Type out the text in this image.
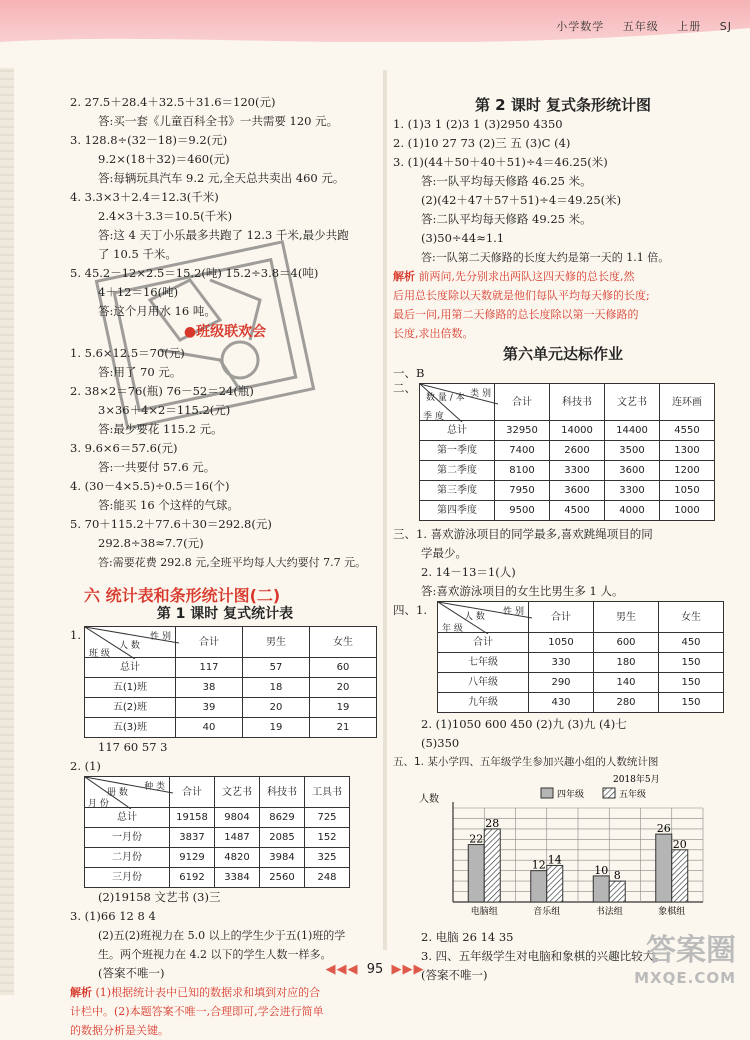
小学数学 五年级 上册 SJ
2. 27.5＋28.4＋32.5＋31.6＝120(元)
答:买一套《儿童百科全书》一共需要 120 元。
3. 128.8÷(32－18)＝9.2(元)
9.2×(18＋32)＝460(元)
答:每辆玩具汽车 9.2 元,全天总共卖出 460 元。
4. 3.3×3＋2.4＝12.3(千米)
2.4×3＋3.3＝10.5(千米)
答:这 4 天丁小乐最多共跑了 12.3 千米,最少共跑
了 10.5 千米。
5. 45.2－12×2.5＝15.2(吨) 15.2÷3.8＝4(吨)
4＋12＝16(吨)
答:这个月用水 16 吨。
●班级联欢会
1. 5.6×12.5＝70(元)
答:用了 70 元。
2. 38×2＝76(瓶) 76－52＝24(瓶)
3×36＋4×2＝115.2(元)
答:最少要花 115.2 元。
3. 9.6×6＝57.6(元)
答:一共要付 57.6 元。
4. (30－4×5.5)÷0.5＝16(个)
答:能买 16 个这样的气球。
5. 70＋115.2＋77.6＋30＝292.8(元)
292.8÷38≈7.7(元)
答:需要花费 292.8 元,全班平均每人大约要付 7.7 元。
六 统计表和条形统计图(二)
第 1 课时 复式统计表
1.	性 别
人 数
班 级	合计	男生	女生
总计	117	57	60
五(1)班	38	18	20
五(2)班	39	20	19
五(3)班	40	19	21
117 60 57 3
2. (1)
种 类
册 数
月 份	合计	文艺书	科技书	工具书
总计	19158	9804	8629	725
一月份	3837	1487	2085	152
二月份	9129	4820	3984	325
三月份	6192	3384	2560	248
(2)19158 文艺书 (3)三
3. (1)66 12 8 4
(2)五(2)班视力在 5.0 以上的学生少于五(1)班的学
生。两个班视力在 4.2 以下的学生人数一样多。
(答案不唯一)
解析 (1)根据统计表中已知的数据求和填到对应的合
计栏中。(2)本题答案不唯一,合理即可,学会进行简单
的数据分析是关键。
第 2 课时 复式条形统计图
1. (1)3 1 (2)3 1 (3)2950 4350
2. (1)10 27 73 (2)三 五 (3)C (4)
3. (1)(44＋50＋40＋51)÷4＝46.25(米)
答:一队平均每天修路 46.25 米。
(2)(42＋47＋57＋51)÷4＝49.25(米)
答:二队平均每天修路 49.25 米。
(3)50÷44≈1.1
答:一队第二天修路的长度大约是第一天的 1.1 倍。
解析 前两问,先分别求出两队这四天修的总长度,然
后用总长度除以天数就是他们每队平均每天修的长度;
最后一问,用第二天修路的总长度除以第一天修路的
长度,求出倍数。
第六单元达标作业
一、B
二、	类 别
数 量 / 本
季 度	合计	科技书	文艺书	连环画
总计	32950	14000	14400	4550
第一季度	7400	2600	3500	1300
第二季度	8100	3300	3600	1200
第三季度	7950	3600	3300	1050
第四季度	9500	4500	4000	1000
三、1. 喜欢游泳项目的同学最多,喜欢跳绳项目的同
学最少。
2. 14－13＝1(人)
答:喜欢游泳项目的女生比男生多 1 人。
四、1.	性 别
人 数
年 级	合计	男生	女生
合计	1050	600	450
七年级	330	180	150
八年级	290	140	150
九年级	430	280	150
2. (1)1050 600 450 (2)九 (3)九 (4)七
(5)350
五、1. 某小学四、五年级学生参加兴趣小组的人数统计图
2018年5月
人数	四年级	五年级
22
28
12 14
10 8
26
20
电脑组	音乐组	书法组	象棋组
2. 电脑 26 14 35
3. 四、五年级学生对电脑和象棋的兴趣比较大。
(答案不唯一)
◀◀◀ 95 ▶▶▶
答案圈
MXQE.COM
